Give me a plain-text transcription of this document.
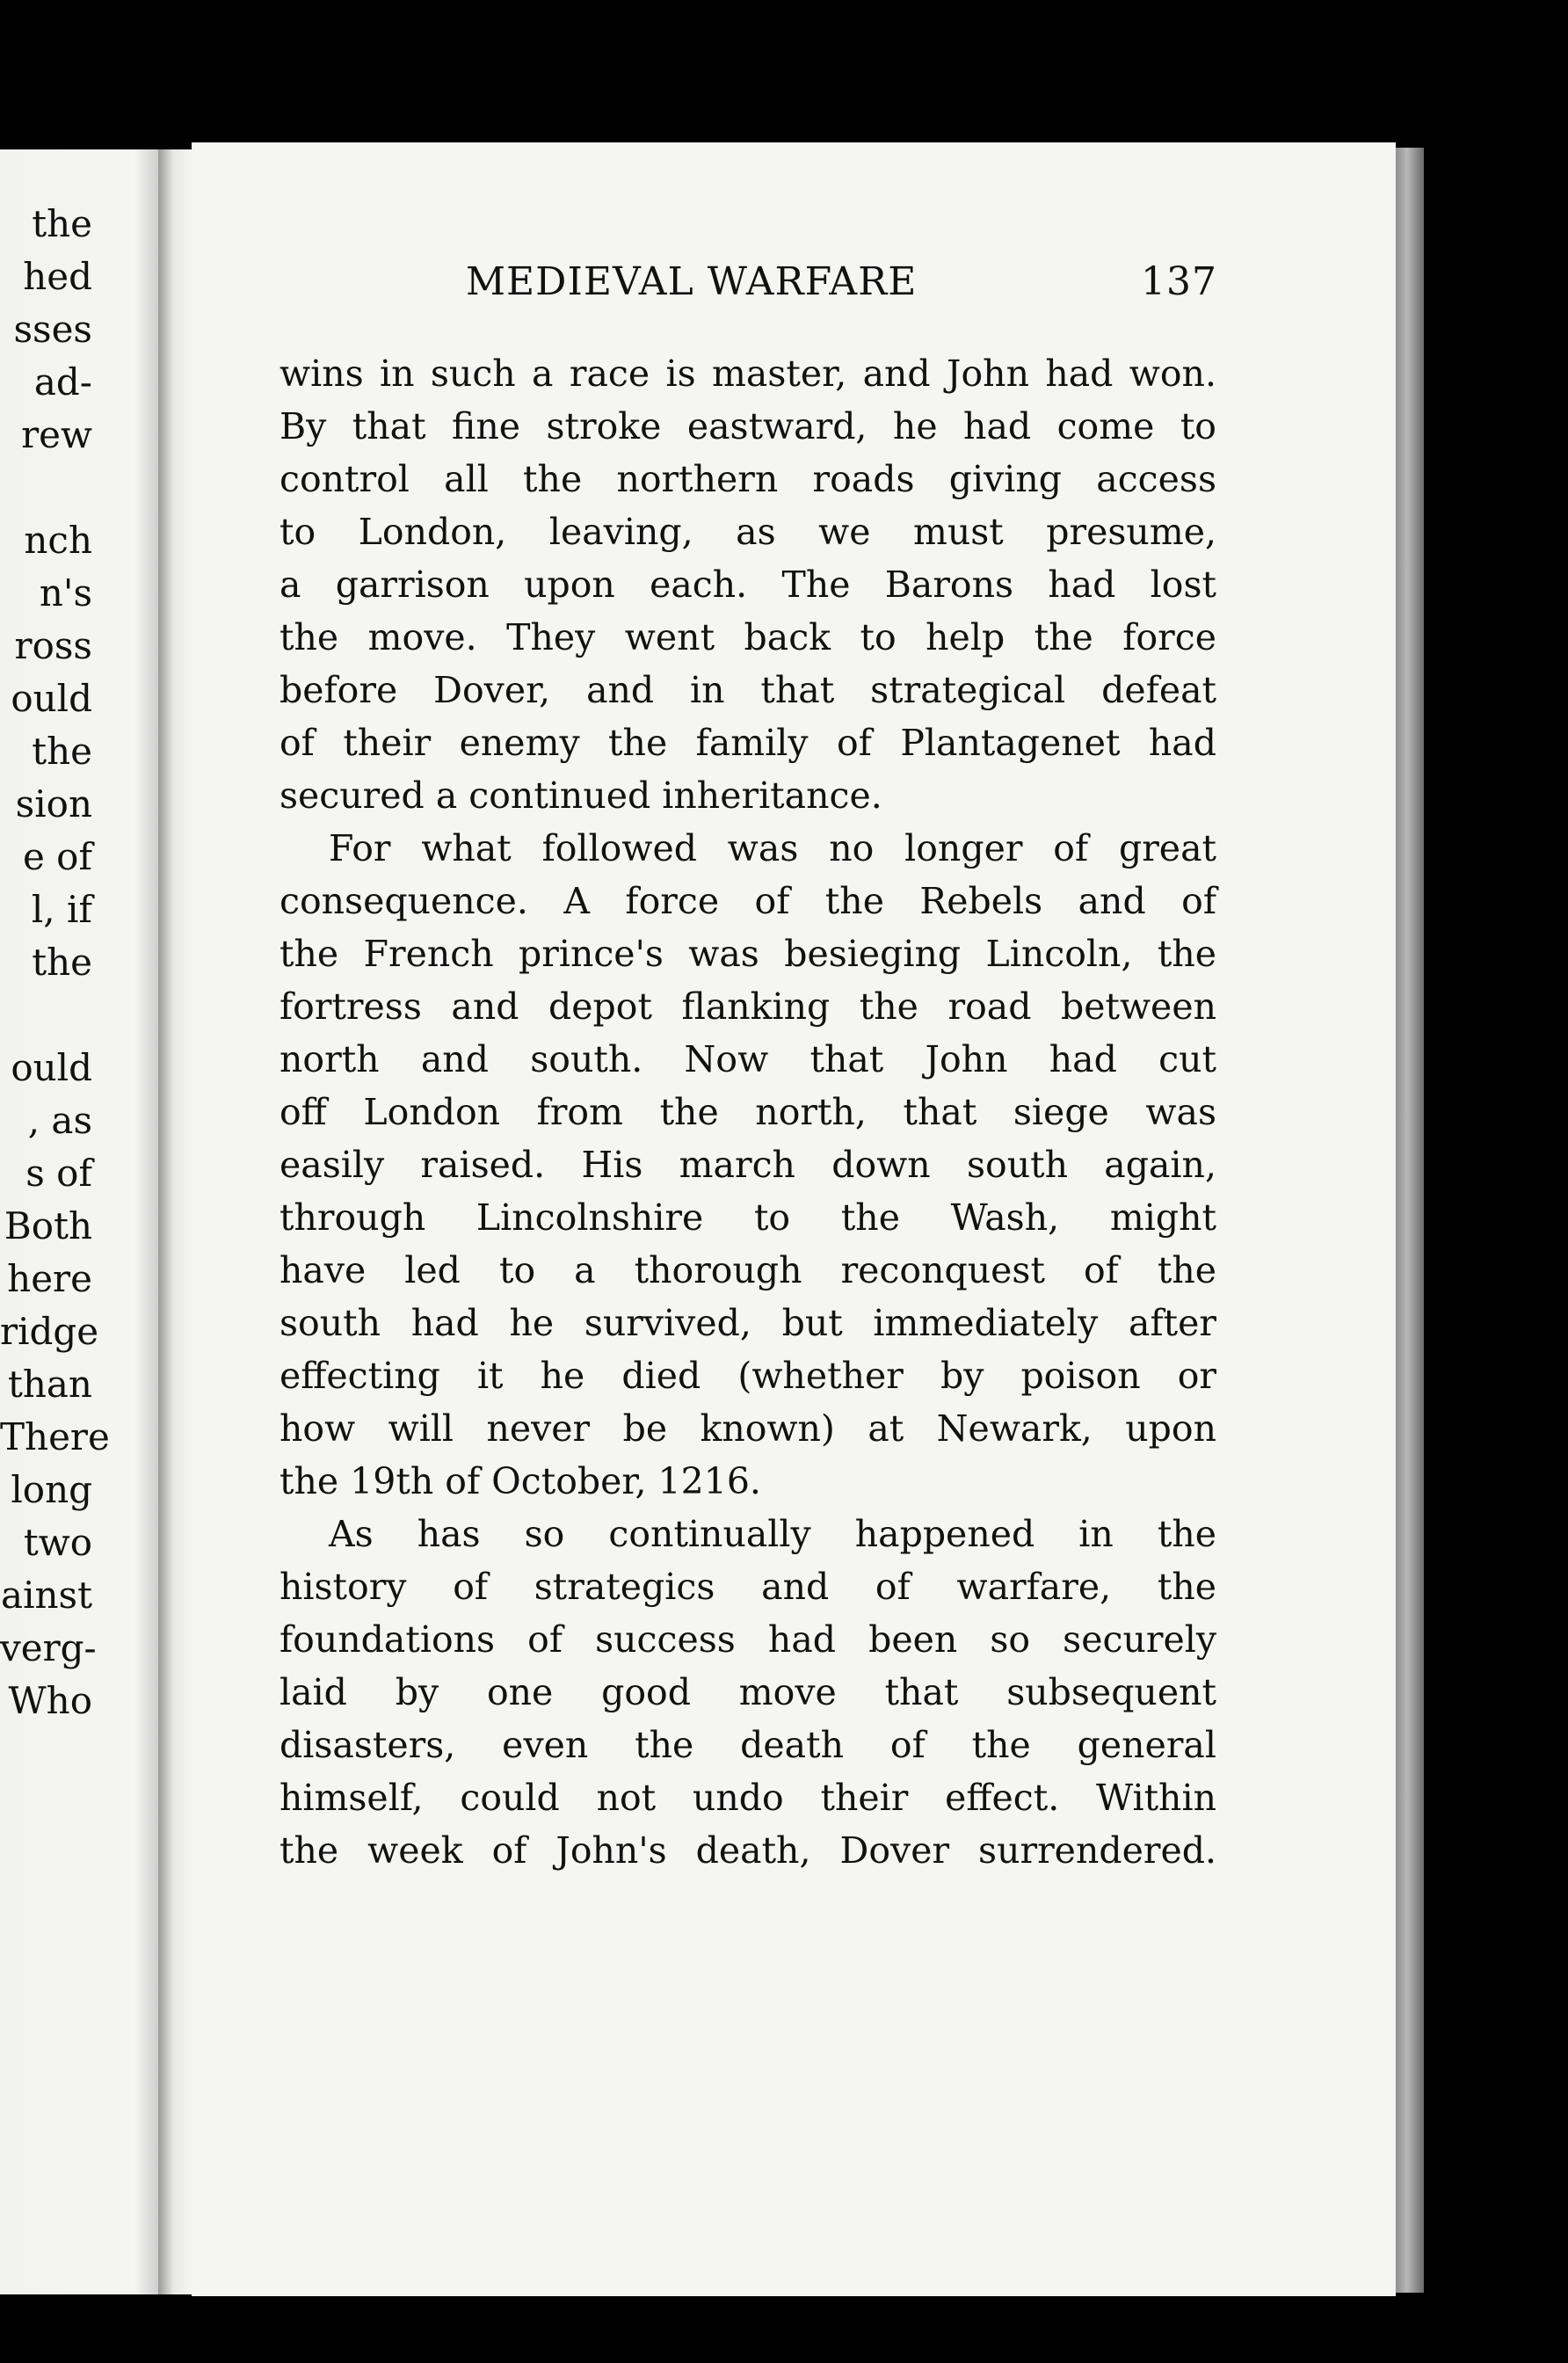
the
hed
sses
ad-
rew
nch
n's
ross
ould
the
sion
e of
l, if
the
ould
, as
s of
Both
here
ridge
than
There
long
two
ainst
verg-
Who
MEDIEVAL WARFARE	137
wins in such a race is master, and John had won.
By that fine stroke eastward, he had come to
control all the northern roads giving access
to London, leaving, as we must presume,
a garrison upon each. The Barons had lost
the move. They went back to help the force
before Dover, and in that strategical defeat
of their enemy the family of Plantagenet had
secured a continued inheritance.
For what followed was no longer of great
consequence. A force of the Rebels and of
the French prince's was besieging Lincoln, the
fortress and depot flanking the road between
north and south. Now that John had cut
off London from the north, that siege was
easily raised. His march down south again,
through Lincolnshire to the Wash, might
have led to a thorough reconquest of the
south had he survived, but immediately after
effecting it he died (whether by poison or
how will never be known) at Newark, upon
the 19th of October, 1216.
As has so continually happened in the
history of strategics and of warfare, the
foundations of success had been so securely
laid by one good move that subsequent
disasters, even the death of the general
himself, could not undo their effect. Within
the week of John's death, Dover surrendered.
